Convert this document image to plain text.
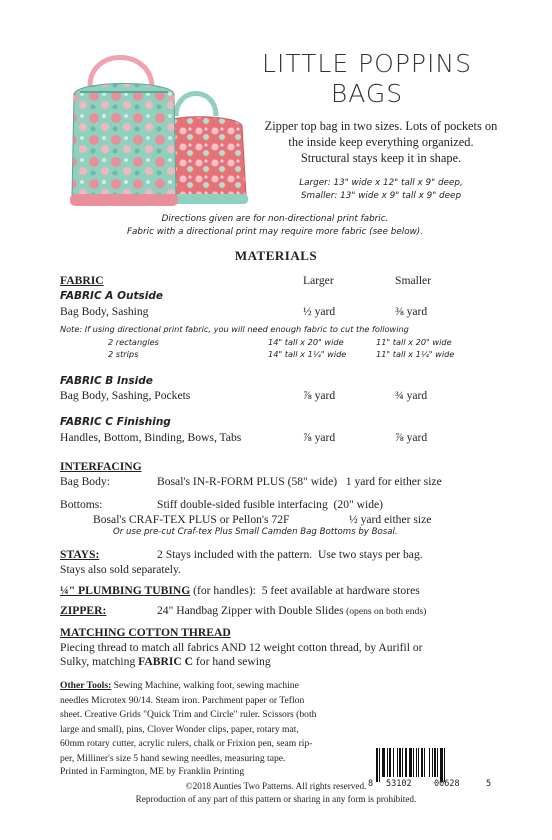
LITTLE POPPINS
BAGS
Zipper top bag in two sizes. Lots of pockets on
the inside keep everything organized.
Structural stays keep it in shape.
Larger: 13" wide x 12" tall x 9" deep,
Smaller: 13" wide x 9" tall x 9" deep
Directions given are for non-directional print fabric.
Fabric with a directional print may require more fabric (see below).
MATERIALS
FABRIC	Larger	Smaller
FABRIC A Outside
Bag Body, Sashing	½ yard	⅜ yard
Note: If using directional print fabric, you will need enough fabric to cut the following
2 rectangles	14" tall x 20" wide	11" tall x 20" wide
2 strips	14" tall x 1¼" wide	11" tall x 1¼" wide
FABRIC B Inside
Bag Body, Sashing, Pockets	⅞ yard	¾ yard
FABRIC C Finishing
Handles, Bottom, Binding, Bows, Tabs	⅞ yard	⅞ yard
INTERFACING
Bag Body:	Bosal's IN-R-FORM PLUS (58" wide)   1 yard for either size
Bottoms:	Stiff double-sided fusible interfacing  (20" wide)
Bosal's CRAF-TEX PLUS or Pellon's 72F	½ yard either size
Or use pre-cut Craf-tex Plus Small Camden Bag Bottoms by Bosal.
STAYS:	2 Stays included with the pattern.  Use two stays per bag.
Stays also sold separately.
¼" PLUMBING TUBING (for handles):  5 feet available at hardware stores
ZIPPER:	24" Handbag Zipper with Double Slides (opens on both ends)
MATCHING COTTON THREAD
Piecing thread to match all fabrics AND 12 weight cotton thread, by Aurifil or
Sulky, matching FABRIC C for hand sewing
Other Tools: Sewing Machine, walking foot, sewing machine
needles Microtex 90/14. Steam iron. Parchment paper or Teflon
sheet. Creative Grids "Quick Trim and Circle" ruler. Scissors (both
large and small), pins, Clover Wonder clips, paper, rotary mat,
60mm rotary cutter, acrylic rulers, chalk or Frixion pen, seam rip-
per, Milliner's size 5 hand sewing needles, measuring tape.
Printed in Farmington, ME by Franklin Printing
8 53102	00628	5
©2018 Aunties Two Patterns. All rights reserved.
Reproduction of any part of this pattern or sharing in any form is prohibited.
